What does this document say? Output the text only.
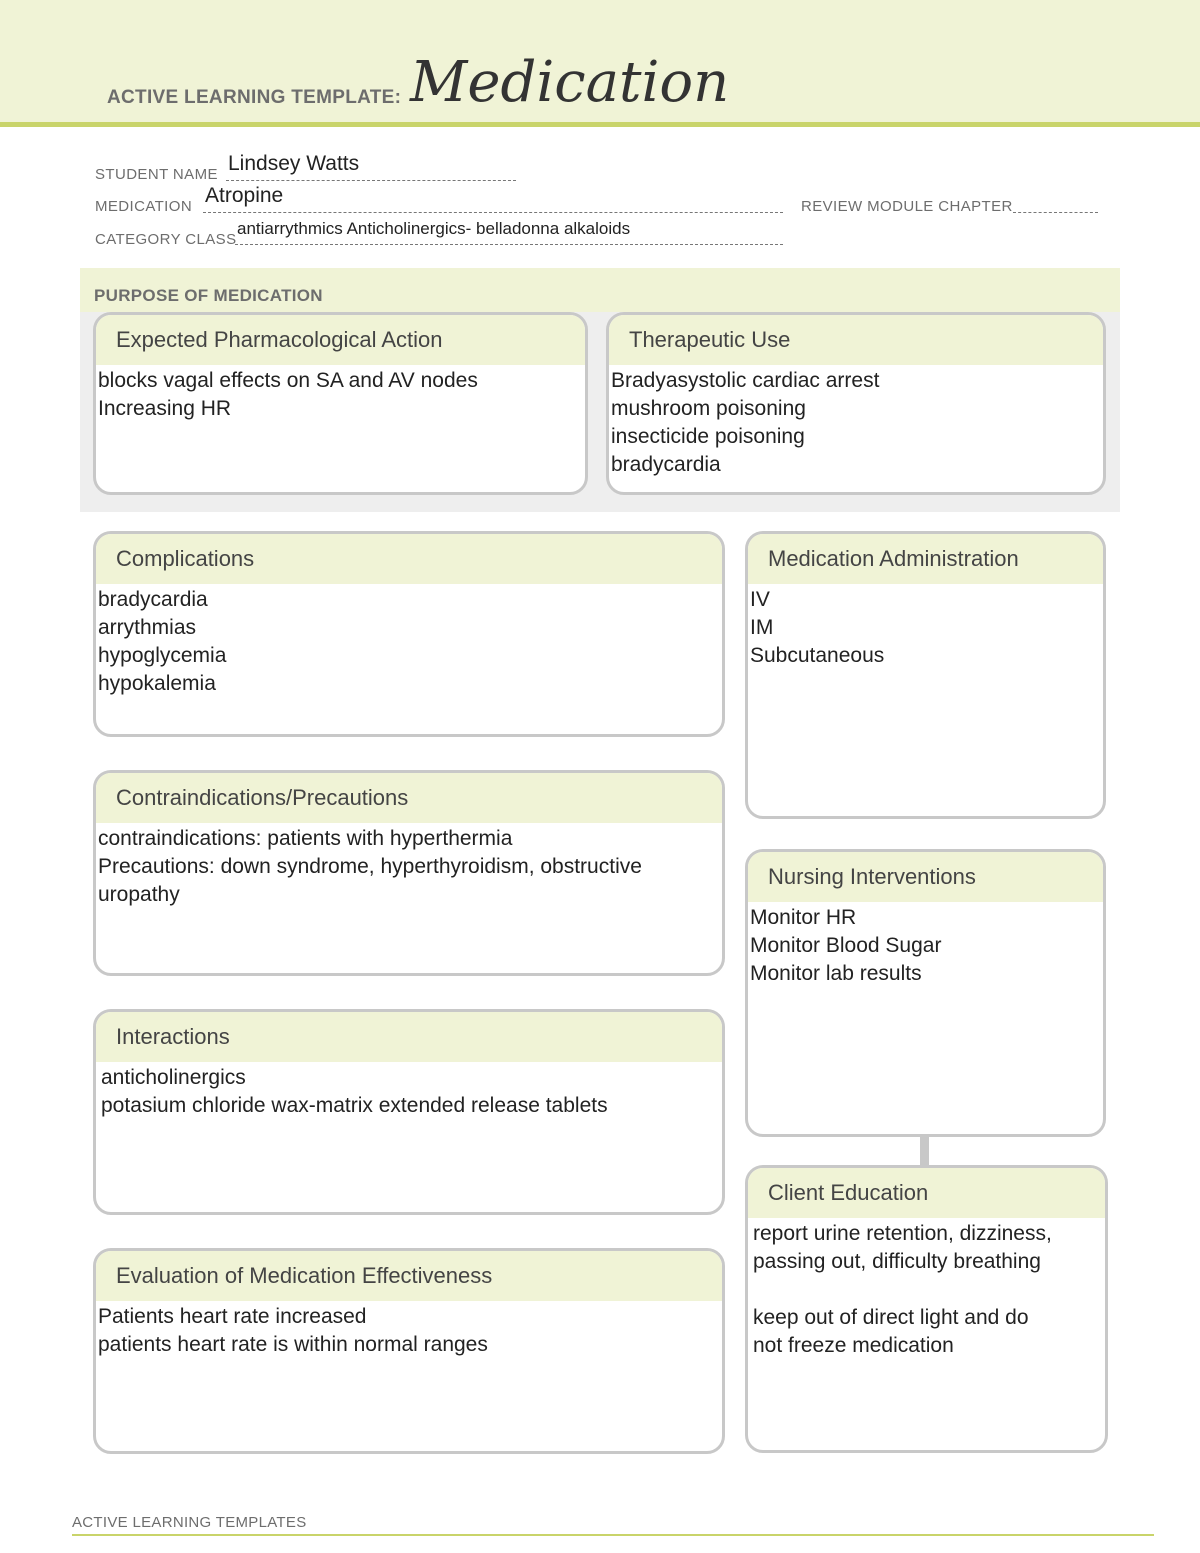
ACTIVE LEARNING TEMPLATE: Medication
STUDENT NAME Lindsey Watts
MEDICATION Atropine	REVIEW MODULE CHAPTER
CATEGORY CLASS
antiarrythmics Anticholinergics- belladonna alkaloids
PURPOSE OF MEDICATION
Expected Pharmacological Action
blocks vagal effects on SA and AV nodes
Increasing HR
Therapeutic Use
Bradyasystolic cardiac arrest
mushroom poisoning
insecticide poisoning
bradycardia
Complications
bradycardia
arrythmias
hypoglycemia
hypokalemia
Medication Administration
IV
IM
Subcutaneous
Contraindications/Precautions
contraindications: patients with hyperthermia
Precautions: down syndrome, hyperthyroidism, obstructive
uropathy
Nursing Interventions
Monitor HR
Monitor Blood Sugar
Monitor lab results
Interactions
anticholinergics
potasium chloride wax-matrix extended release tablets
Client Education
report urine retention, dizziness,
passing out, difficulty breathing
keep out of direct light and do
not freeze medication
Evaluation of Medication Effectiveness
Patients heart rate increased
patients heart rate is within normal ranges
ACTIVE LEARNING TEMPLATES
